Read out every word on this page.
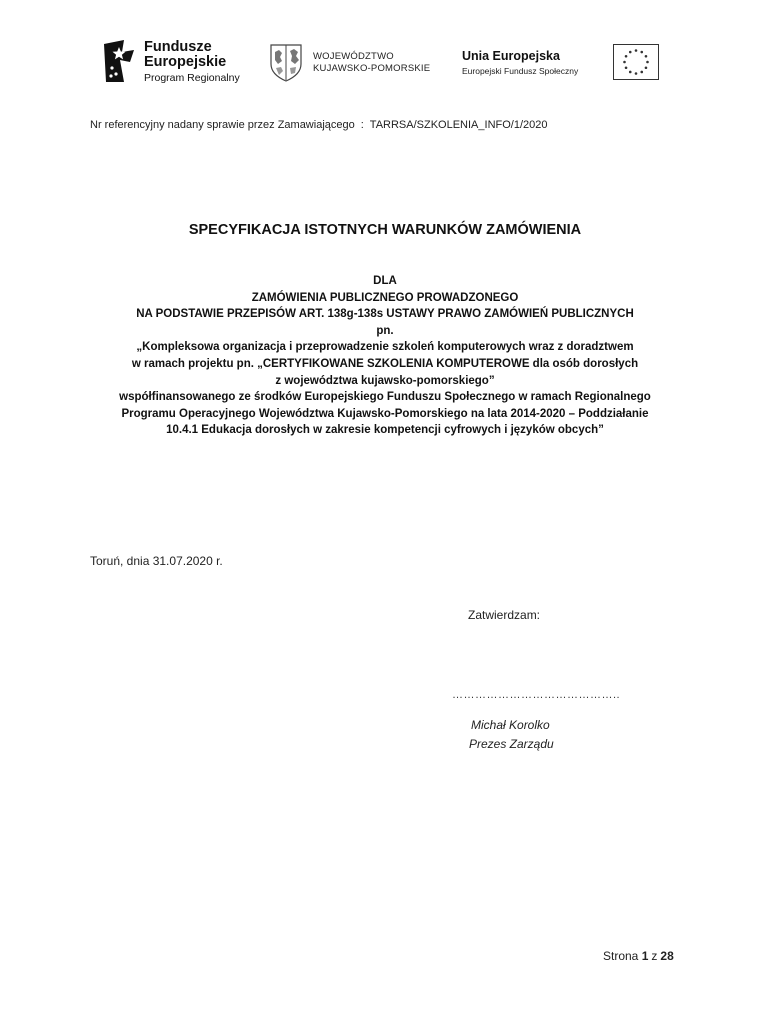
Fundusze
Europejskie
Program Regionalny
WOJEWÓDZTWO
KUJAWSKO-POMORSKIE
Unia Europejska
Europejski Fundusz Społeczny
Nr referencyjny nadany sprawie przez Zamawiającego : TARRSA/SZKOLENIA_INFO/1/2020
SPECYFIKACJA ISTOTNYCH WARUNKÓW ZAMÓWIENIA
DLA
ZAMÓWIENIA PUBLICZNEGO PROWADZONEGO
NA PODSTAWIE PRZEPISÓW ART. 138g-138s USTAWY PRAWO ZAMÓWIEŃ PUBLICZNYCH
pn.
„Kompleksowa organizacja i przeprowadzenie szkoleń komputerowych wraz z doradztwem
w ramach projektu pn. „CERTYFIKOWANE SZKOLENIA KOMPUTEROWE dla osób dorosłych
z województwa kujawsko-pomorskiego”
współfinansowanego ze środków Europejskiego Funduszu Społecznego w ramach Regionalnego
Programu Operacyjnego Województwa Kujawsko-Pomorskiego na lata 2014-2020 – Poddziałanie
10.4.1 Edukacja dorosłych w zakresie kompetencji cyfrowych i języków obcych”
Toruń, dnia 31.07.2020 r.
Zatwierdzam:
……………………………………..
Michał Korolko
Prezes Zarządu
Strona 1 z 28
